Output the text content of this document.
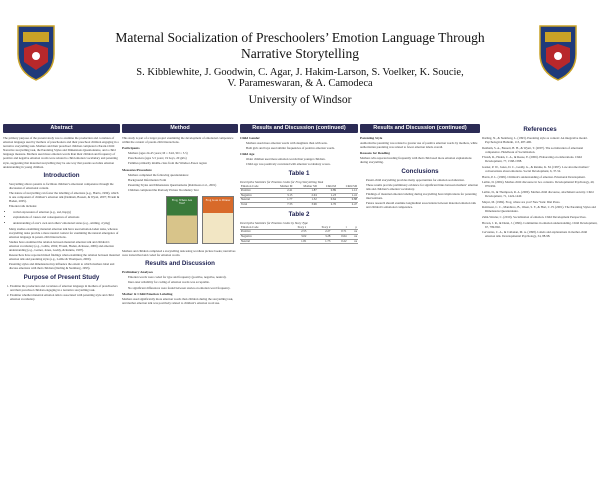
Maternal Socialization of Preschoolers’ Emotion Language Through
Narrative Storytelling
S. Kibblewhite, J. Goodwin, C. Agar, J. Hakim-Larson, S. Voelker, K. Soucie,
V. Parameswaran, & A. Camodeca
University of Windsor
Abstract

The primary purpose of the present study was to examine the production and correlates of emotion language used by mothers of preschoolers and their preschool children engaging in a narrative storytelling task. Mothers and their preschool children completed a Parent-Child Narrative storytelling task, the Parenting Styles and Dimensions Questionnaire, and a child language measure. Mothers used more emotion words than their children and frequency of positive and negative emotion words were related to child emotion vocabulary and parenting style, suggesting that maternal storytelling may be one way that parents socialize emotion understanding in young children.

Introduction
• Storytelling allows parents to facilitate children’s emotional competence through the discussion of emotional content.
• The nature of storytelling can foster the labelling of emotions (e.g., Harris, 1999), which is one component of children’s emotion talk (Denham, Bassett, & Wyatt, 2007; Fivush & Haden, 2005).
• Emotion talk includes:
• verbal expression of emotion (e.g., sad, happy)
• explanations of causes and consequences of emotions
• understanding of one’s own and others’ emotional states (e.g., smiling, crying)
• Many studies examining maternal emotion talk have used emotion-laden tasks, whereas storytelling tasks provide a more neutral context for examining the natural emergence of emotion language in parent–child interactions.
• Studies have examined the relation between maternal emotion talk and children’s emotion vocabulary (e.g., Laible, 2004; Fivush, Haden, & Reese, 2006) and emotion understanding (e.g., Garner, Jones, Gaddy, & Rennie, 1997).
• Researchers have reported mixed findings when examining the relation between maternal emotion talk and parenting style (e.g., Laible & Thompson, 2000).
• Parenting styles and dimensions may influence the extent to which mothers label and discuss emotions with their children (Darling & Steinberg, 1993).
Purpose of Present Study
1. Examine the production and correlates of emotion language in mothers of preschoolers and their preschool children engaging in a narrative storytelling task.
2. Examine whether maternal emotion talk is associated with parenting style and child emotion vocabulary.
Method

This study is part of a larger project examining the development of emotional competence within the context of parent-child interactions.

Participants
• Mothers (ages 24-45 years; M = 34.6, SD = 5.5)
• Preschoolers (ages 3-5 years; 19 boys, 20 girls)
• Families primarily middle-class from the Windsor-Essex region
Measures/Procedure
• Mothers completed the following questionnaires:
• Background Information Form
• Parenting Styles and Dimensions Questionnaire (Robinson et al., 2001)
• Children completed the Peabody Picture Vocabulary Test
Frog, Where Are You?
Frog Goes to Dinner

Mothers and children completed a storytelling task using wordless picture books; narratives were transcribed and coded for emotion words.

Results and Discussion
Preliminary Analyses
• Emotion words were coded for type and frequency (positive, negative, neutral).
• Inter-rater reliability for coding of emotion words was acceptable.
• No significant differences were found between stories on emotion word frequency.
Mother & Child Emotion Labeling

Mothers used significantly more emotion words than children during the storytelling task, and mother emotion talk was positively related to children’s emotion word use.

Results and Discussion (continued)
Child Gender
• Mothers used more emotion words with daughters than with sons.
• Both girls and boys used similar frequencies of positive emotion words.
Child Age
• Older children used more emotion words than younger children.
• Child age was positively correlated with emotion vocabulary scores.
Table 1
Descriptive Statistics for Emotion Codes for Frog Storytelling Task
Emotion Code	Mother M	Mother SD	Child M	Child SD
Positive	2.41	1.87	0.89	1.12
Negative	3.15	2.04	1.23	1.41
Neutral	1.77	1.32	0.64	0.88
Total	7.33	3.96	2.76	2.47
Table 2
Descriptive Statistics for Emotion Codes by Story Type
Emotion Code	Story 1	Story 2	t	p
Positive	2.55	2.27	0.71	ns
Negative	3.02	3.28	0.64	ns
Neutral	1.81	1.73	0.22	ns
Results and Discussion (continued)
Parenting Style

Authoritative parenting was related to greater use of positive emotion words by mothers, while authoritarian parenting was related to fewer emotion labels overall.

Reasons for Reading

Mothers who reported reading frequently with their child used more emotion explanations during storytelling.

Conclusions
• Parent-child storytelling provides many opportunities for emotion socialization.
• These results provide preliminary evidence for significant links between mothers’ emotion talk and children’s emotion vocabulary.
• Findings of maternal emotion labeling during storytelling have implications for parenting interventions.
• Future research should examine longitudinal associations between maternal emotion talk and children’s emotional competence.
References
Darling, N., & Steinberg, L. (1993). Parenting style as context: An integrative model. Psychological Bulletin, 113, 487-496.
Denham, S. A., Bassett, H. H., & Wyatt, T. (2007). The socialization of emotional competence. Handbook of Socialization.
Fivush, R., Haden, C. A., & Reese, E. (2006). Elaborating on elaborations. Child Development, 77, 1568-1588.
Garner, P. W., Jones, D. C., Gaddy, G., & Rennie, K. M. (1997). Low-income mothers’ conversations about emotions. Social Development, 6, 37-52.
Harris, P. L. (1999). Children’s understanding of emotion. Emotional Development.
Laible, D. (2004). Mother-child discourse in two contexts. Developmental Psychology, 40, 979-992.
Laible, D., & Thompson, R. A. (2000). Mother-child discourse, attachment security. Child Development, 71, 1424-1440.
Mayer, M. (1969). Frog, where are you? New York: Dial Press.
Robinson, C. C., Mandleco, B., Olsen, S. F., & Hart, C. H. (2001). The Parenting Styles and Dimensions Questionnaire.
Zahn-Waxler, C. (2010). Socialization of emotion. Child Development Perspectives.
Brown, J. R., & Dunn, J. (1996). Continuities in emotion understanding. Child Development, 67, 789-802.
Cervantes, C. A., & Callanan, M. A. (1998). Labels and explanations in mother-child emotion talk. Developmental Psychology, 34, 88-98.
